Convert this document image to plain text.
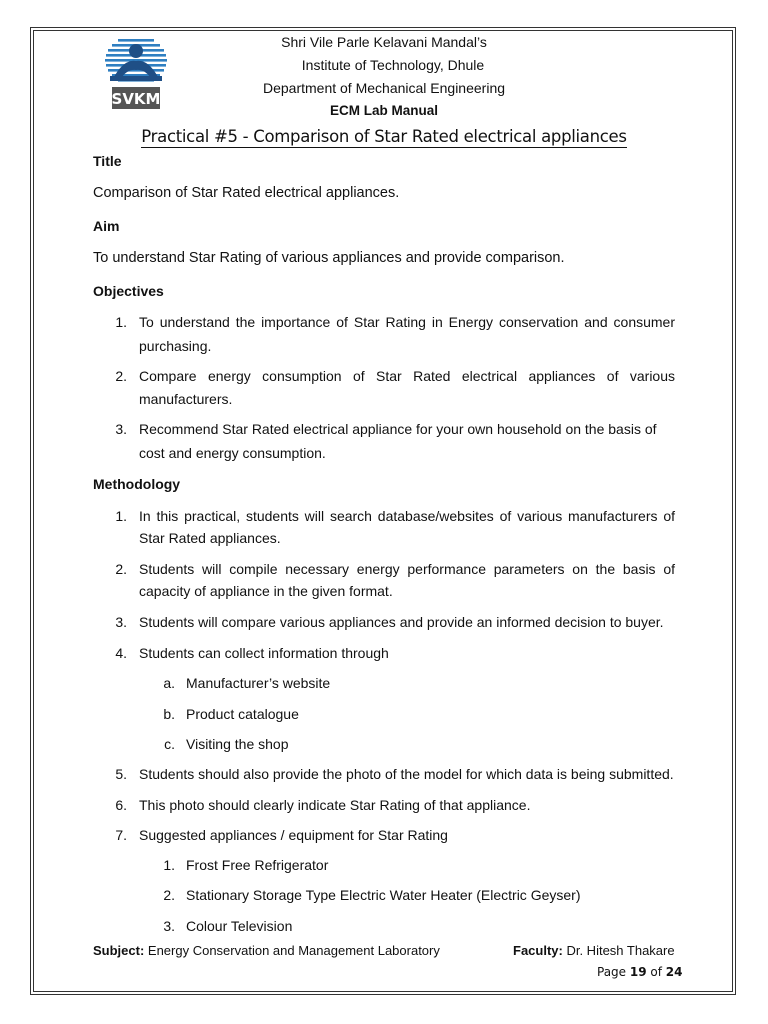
SVKM
Shri Vile Parle Kelavani Mandal’s
Institute of Technology, Dhule
Department of Mechanical Engineering
ECM Lab Manual
Practical #5 - Comparison of Star Rated electrical appliances
Title
Comparison of Star Rated electrical appliances.
Aim
To understand Star Rating of various appliances and provide comparison.
Objectives
1. To understand the importance of Star Rating in Energy conservation and consumer
purchasing.
2. Compare energy consumption of Star Rated electrical appliances of various
manufacturers.
3. Recommend Star Rated electrical appliance for your own household on the basis of
cost and energy consumption.
Methodology
1. In this practical, students will search database/websites of various manufacturers of
Star Rated appliances.
2. Students will compile necessary energy performance parameters on the basis of
capacity of appliance in the given format.
3. Students will compare various appliances and provide an informed decision to buyer.
4. Students can collect information through
a. Manufacturer’s website
b. Product catalogue
c. Visiting the shop
5. Students should also provide the photo of the model for which data is being submitted.
6. This photo should clearly indicate Star Rating of that appliance.
7. Suggested appliances / equipment for Star Rating
1. Frost Free Refrigerator
2. Stationary Storage Type Electric Water Heater (Electric Geyser)
3. Colour Television
Subject: Energy Conservation and Management Laboratory	Faculty: Dr. Hitesh Thakare
Page 19 of 24
